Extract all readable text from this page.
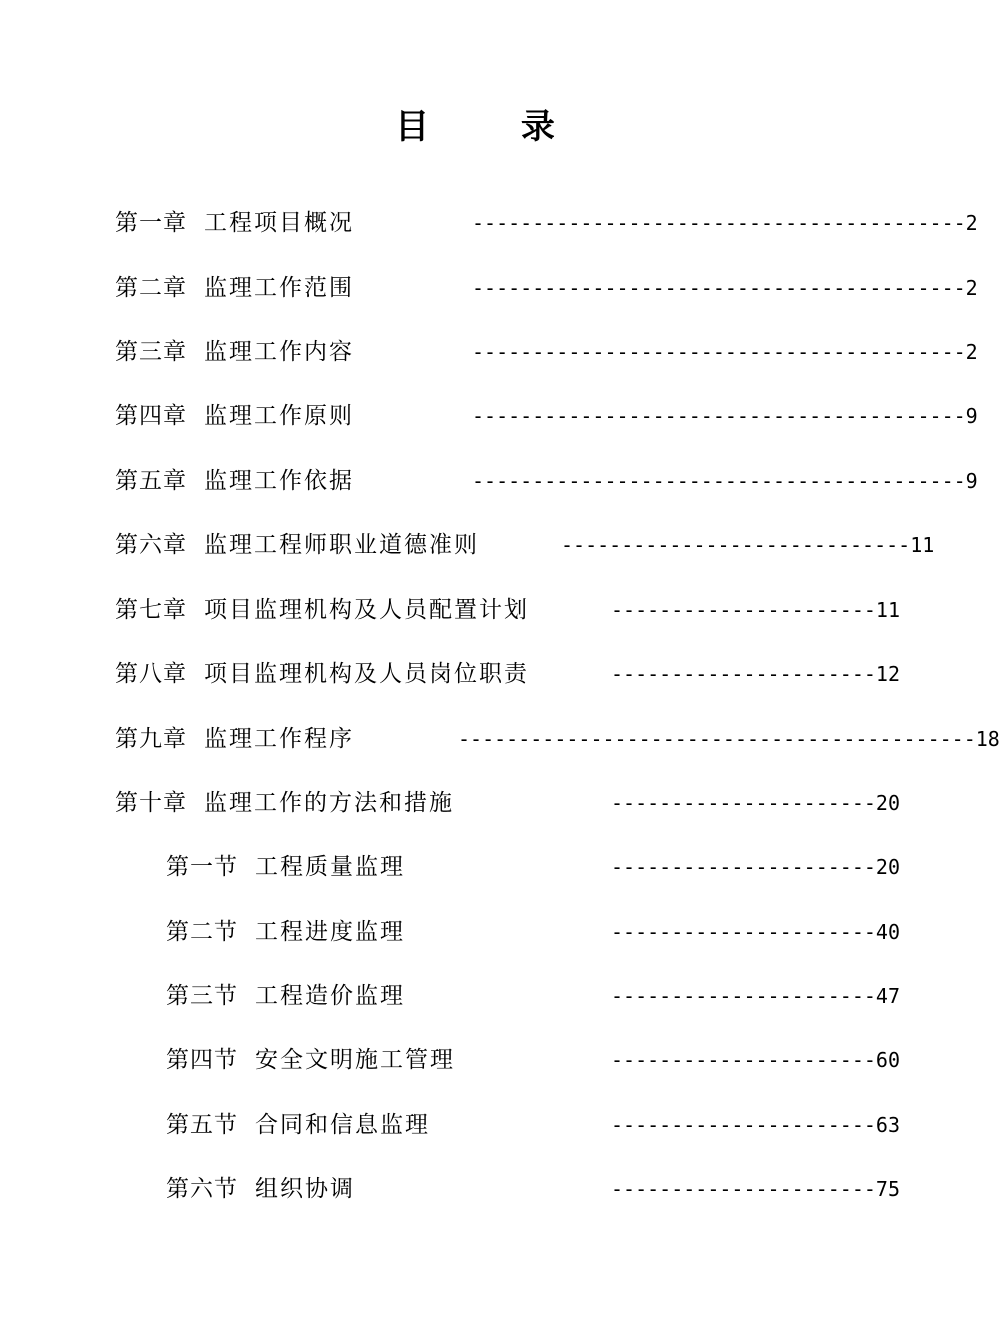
目 录
第一章 工程项目概况	-----------------------------------------2
第二章 监理工作范围	-----------------------------------------2
第三章 监理工作内容	-----------------------------------------2
第四章 监理工作原则	-----------------------------------------9
第五章 监理工作依据	-----------------------------------------9
第六章 监理工程师职业道德准则	-----------------------------11
第七章 项目监理机构及人员配置计划	----------------------11
第八章 项目监理机构及人员岗位职责	----------------------12
第九章 监理工作程序	-------------------------------------------18
第十章 监理工作的方法和措施	----------------------20
第一节 工程质量监理	----------------------20
第二节 工程进度监理	----------------------40
第三节 工程造价监理	----------------------47
第四节 安全文明施工管理	----------------------60
第五节 合同和信息监理	----------------------63
第六节 组织协调	----------------------75
